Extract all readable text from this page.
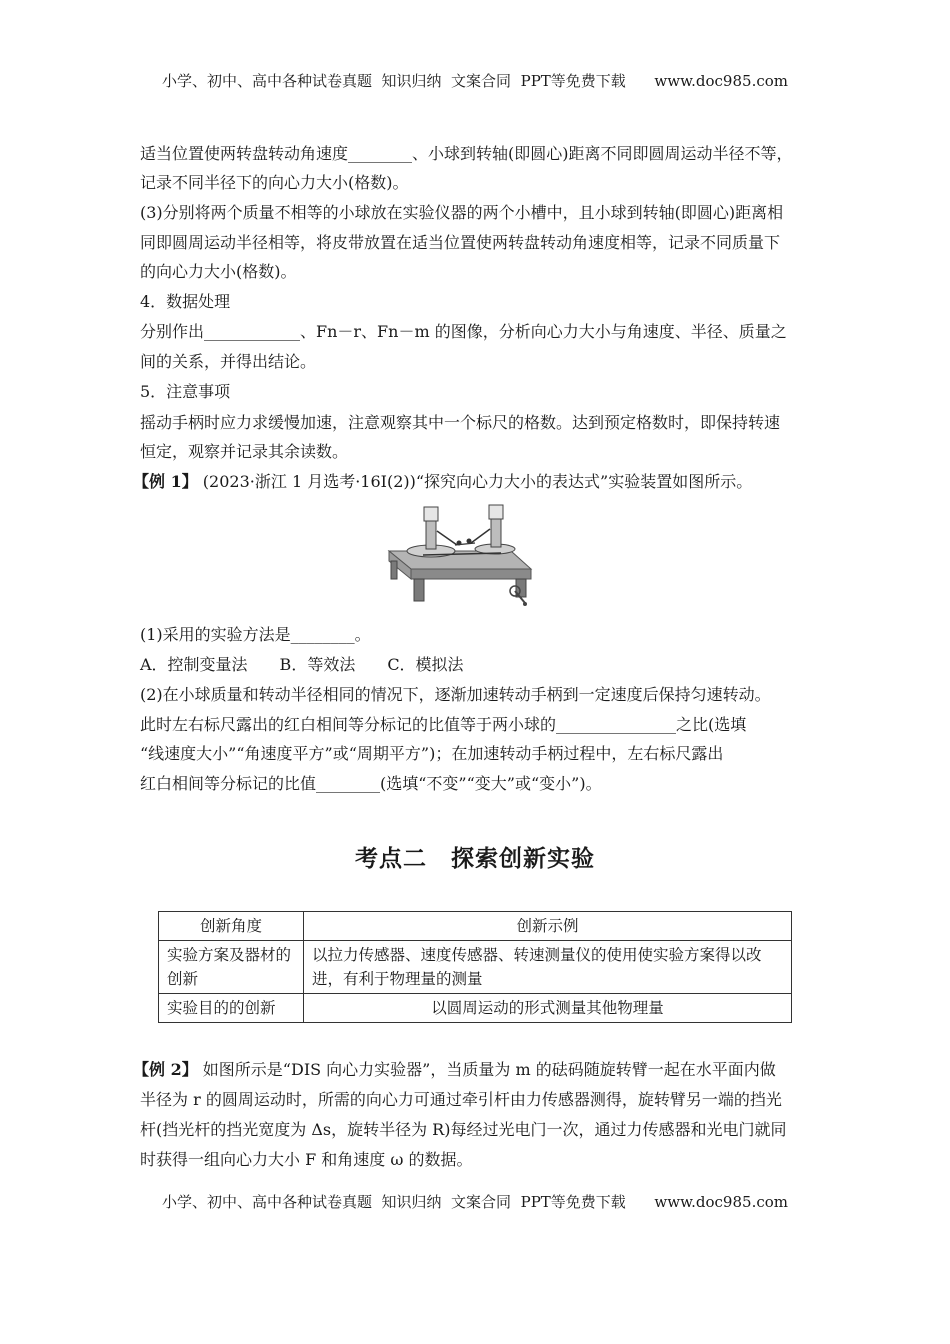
小学、初中、高中各种试卷真题  知识归纳  文案合同  PPT等免费下载      www.doc985.com
适当位置使两转盘转动角速度________、小球到转轴(即圆心)距离不同即圆周运动半径不等，
记录不同半径下的向心力大小(格数)。
(3)分别将两个质量不相等的小球放在实验仪器的两个小槽中，且小球到转轴(即圆心)距离相
同即圆周运动半径相等，将皮带放置在适当位置使两转盘转动角速度相等，记录不同质量下
的向心力大小(格数)。
4．数据处理
分别作出____________、Fn－r、Fn－m 的图像，分析向心力大小与角速度、半径、质量之
间的关系，并得出结论。
5．注意事项
摇动手柄时应力求缓慢加速，注意观察其中一个标尺的格数。达到预定格数时，即保持转速
恒定，观察并记录其余读数。
【例 1】 (2023·浙江 1 月选考·16Ⅰ(2))“探究向心力大小的表达式”实验装置如图所示。
(1)采用的实验方法是________。
A．控制变量法　　B．等效法　　C．模拟法
(2)在小球质量和转动半径相同的情况下，逐渐加速转动手柄到一定速度后保持匀速转动。
此时左右标尺露出的红白相间等分标记的比值等于两小球的_______________之比(选填
“线速度大小”“角速度平方”或“周期平方”)；在加速转动手柄过程中，左右标尺露出
红白相间等分标记的比值________(选填“不变”“变大”或“变小”)。
考点二　探索创新实验
创新角度	创新示例
实验方案及器材的创新	以拉力传感器、速度传感器、转速测量仪的使用使实验方案得以改进，有利于物理量的测量
实验目的的创新	以圆周运动的形式测量其他物理量
【例 2】 如图所示是“DIS 向心力实验器”，当质量为 m 的砝码随旋转臂一起在水平面内做
半径为 r 的圆周运动时，所需的向心力可通过牵引杆由力传感器测得，旋转臂另一端的挡光
杆(挡光杆的挡光宽度为 Δs，旋转半径为 R)每经过光电门一次，通过力传感器和光电门就同
时获得一组向心力大小 F 和角速度 ω 的数据。
小学、初中、高中各种试卷真题  知识归纳  文案合同  PPT等免费下载      www.doc985.com
